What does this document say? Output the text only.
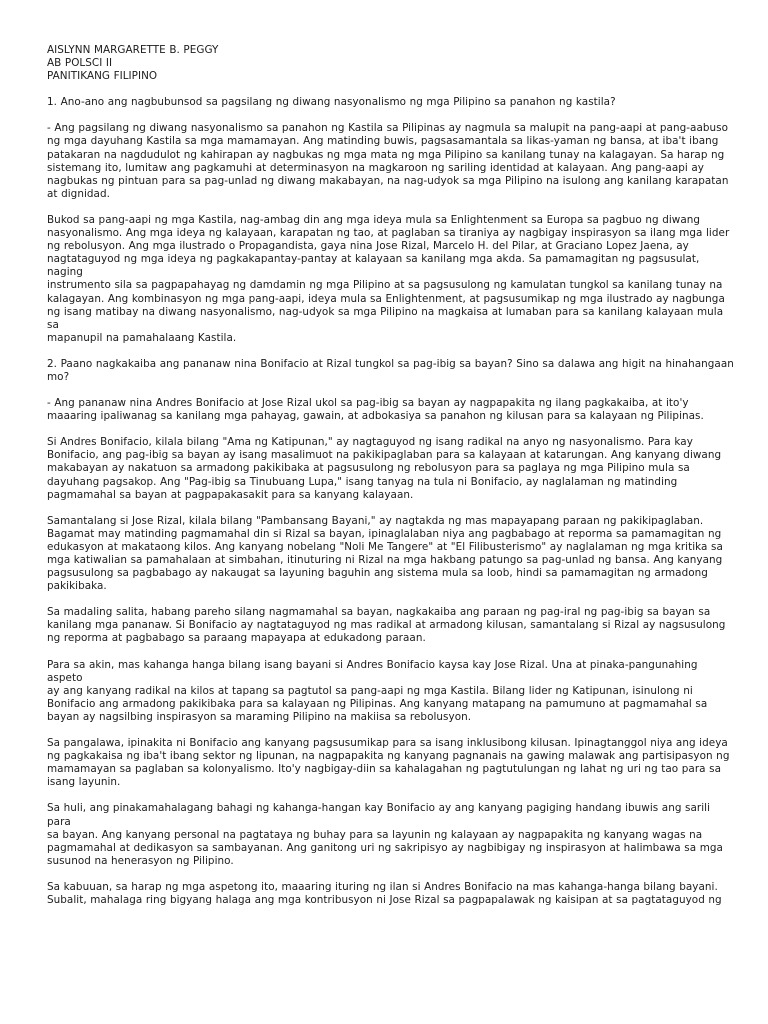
AISLYNN MARGARETTE B. PEGGY

AB POLSCI II

PANITIKANG FILIPINO

1. Ano-ano ang nagbubunsod sa pagsilang ng diwang nasyonalismo ng mga Pilipino sa panahon ng kastila?

- Ang pagsilang ng diwang nasyonalismo sa panahon ng Kastila sa Pilipinas ay nagmula sa malupit na pang-aapi at pang-aabuso
ng mga dayuhang Kastila sa mga mamamayan. Ang matinding buwis, pagsasamantala sa likas-yaman ng bansa, at iba't ibang
patakaran na nagdudulot ng kahirapan ay nagbukas ng mga mata ng mga Pilipino sa kanilang tunay na kalagayan. Sa harap ng
sistemang ito, lumitaw ang pagkamuhi at determinasyon na magkaroon ng sariling identidad at kalayaan. Ang pang-aapi ay
nagbukas ng pintuan para sa pag-unlad ng diwang makabayan, na nag-udyok sa mga Pilipino na isulong ang kanilang karapatan
at dignidad.

Bukod sa pang-aapi ng mga Kastila, nag-ambag din ang mga ideya mula sa Enlightenment sa Europa sa pagbuo ng diwang
nasyonalismo. Ang mga ideya ng kalayaan, karapatan ng tao, at paglaban sa tiraniya ay nagbigay inspirasyon sa ilang mga lider
ng rebolusyon. Ang mga ilustrado o Propagandista, gaya nina Jose Rizal, Marcelo H. del Pilar, at Graciano Lopez Jaena, ay
nagtataguyod ng mga ideya ng pagkakapantay-pantay at kalayaan sa kanilang mga akda. Sa pamamagitan ng pagsusulat, naging
instrumento sila sa pagpapahayag ng damdamin ng mga Pilipino at sa pagsusulong ng kamulatan tungkol sa kanilang tunay na
kalagayan. Ang kombinasyon ng mga pang-aapi, ideya mula sa Enlightenment, at pagsusumikap ng mga ilustrado ay nagbunga
ng isang matibay na diwang nasyonalismo, nag-udyok sa mga Pilipino na magkaisa at lumaban para sa kanilang kalayaan mula sa
mapanupil na pamahalaang Kastila.

2. Paano nagkakaiba ang pananaw nina Bonifacio at Rizal tungkol sa pag-ibig sa bayan? Sino sa dalawa ang higit na hinahangaan
mo?

- Ang pananaw nina Andres Bonifacio at Jose Rizal ukol sa pag-ibig sa bayan ay nagpapakita ng ilang pagkakaiba, at ito'y
maaaring ipaliwanag sa kanilang mga pahayag, gawain, at adbokasiya sa panahon ng kilusan para sa kalayaan ng Pilipinas.

Si Andres Bonifacio, kilala bilang "Ama ng Katipunan," ay nagtaguyod ng isang radikal na anyo ng nasyonalismo. Para kay
Bonifacio, ang pag-ibig sa bayan ay isang masalimuot na pakikipaglaban para sa kalayaan at katarungan. Ang kanyang diwang
makabayan ay nakatuon sa armadong pakikibaka at pagsusulong ng rebolusyon para sa paglaya ng mga Pilipino mula sa
dayuhang pagsakop. Ang "Pag-ibig sa Tinubuang Lupa," isang tanyag na tula ni Bonifacio, ay naglalaman ng matinding
pagmamahal sa bayan at pagpapakasakit para sa kanyang kalayaan.

Samantalang si Jose Rizal, kilala bilang "Pambansang Bayani," ay nagtakda ng mas mapayapang paraan ng pakikipaglaban.
Bagamat may matinding pagmamahal din si Rizal sa bayan, ipinaglalaban niya ang pagbabago at reporma sa pamamagitan ng
edukasyon at makataong kilos. Ang kanyang nobelang "Noli Me Tangere" at "El Filibusterismo" ay naglalaman ng mga kritika sa
mga katiwalian sa pamahalaan at simbahan, itinuturing ni Rizal na mga hakbang patungo sa pag-unlad ng bansa. Ang kanyang
pagsusulong sa pagbabago ay nakaugat sa layuning baguhin ang sistema mula sa loob, hindi sa pamamagitan ng armadong
pakikibaka.

Sa madaling salita, habang pareho silang nagmamahal sa bayan, nagkakaiba ang paraan ng pag-iral ng pag-ibig sa bayan sa
kanilang mga pananaw. Si Bonifacio ay nagtataguyod ng mas radikal at armadong kilusan, samantalang si Rizal ay nagsusulong
ng reporma at pagbabago sa paraang mapayapa at edukadong paraan.

Para sa akin, mas kahanga hanga bilang isang bayani si Andres Bonifacio kaysa kay Jose Rizal. Una at pinaka-pangunahing aspeto
ay ang kanyang radikal na kilos at tapang sa pagtutol sa pang-aapi ng mga Kastila. Bilang lider ng Katipunan, isinulong ni
Bonifacio ang armadong pakikibaka para sa kalayaan ng Pilipinas. Ang kanyang matapang na pamumuno at pagmamahal sa
bayan ay nagsilbing inspirasyon sa maraming Pilipino na makiisa sa rebolusyon.

Sa pangalawa, ipinakita ni Bonifacio ang kanyang pagsusumikap para sa isang inklusibong kilusan. Ipinagtanggol niya ang ideya
ng pagkakaisa ng iba't ibang sektor ng lipunan, na nagpapakita ng kanyang pagnanais na gawing malawak ang partisipasyon ng
mamamayan sa paglaban sa kolonyalismo. Ito'y nagbigay-diin sa kahalagahan ng pagtutulungan ng lahat ng uri ng tao para sa
isang layunin.

Sa huli, ang pinakamahalagang bahagi ng kahanga-hangan kay Bonifacio ay ang kanyang pagiging handang ibuwis ang sarili para
sa bayan. Ang kanyang personal na pagtataya ng buhay para sa layunin ng kalayaan ay nagpapakita ng kanyang wagas na
pagmamahal at dedikasyon sa sambayanan. Ang ganitong uri ng sakripisyo ay nagbibigay ng inspirasyon at halimbawa sa mga
susunod na henerasyon ng Pilipino.

Sa kabuuan, sa harap ng mga aspetong ito, maaaring ituring ng ilan si Andres Bonifacio na mas kahanga-hanga bilang bayani.
Subalit, mahalaga ring bigyang halaga ang mga kontribusyon ni Jose Rizal sa pagpapalawak ng kaisipan at sa pagtataguyod ng
